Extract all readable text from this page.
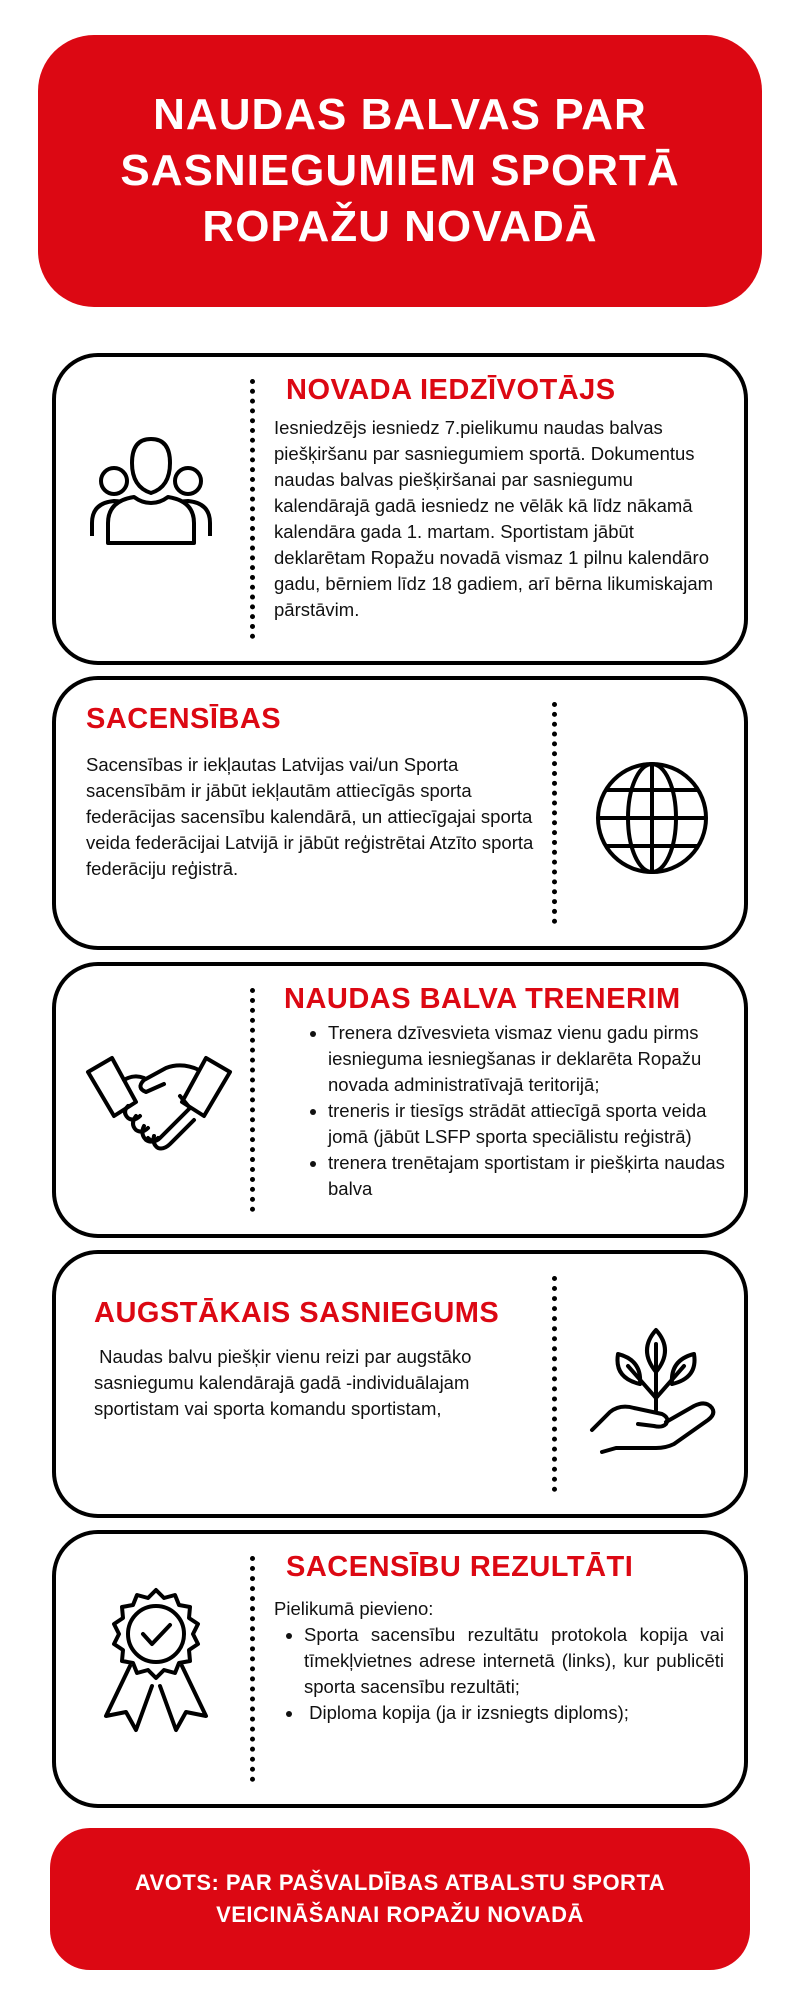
NAUDAS BALVAS PAR SASNIEGUMIEM SPORTĀ ROPAŽU NOVADĀ
NOVADA IEDZĪVOTĀJS

Iesniedzējs iesniedz 7.pielikumu naudas balvas piešķiršanu par sasniegumiem sportā. Dokumentus naudas balvas piešķiršanai par sasniegumu kalendārajā gadā iesniedz ne vēlāk kā līdz nākamā kalendāra gada 1. martam. Sportistam jābūt deklarētam Ropažu novadā vismaz 1 pilnu kalendāro gadu, bērniem līdz 18 gadiem, arī bērna likumiskajam pārstāvim.

SACENSĪBAS

Sacensības ir iekļautas Latvijas vai/un Sporta sacensībām ir jābūt iekļautām attiecīgās sporta federācijas sacensību kalendārā, un attiecīgajai sporta veida federācijai Latvijā ir jābūt reģistrētai Atzīto sporta federāciju reģistrā.

NAUDAS BALVA TRENERIM
• Trenera dzīvesvieta vismaz vienu gadu pirms iesnieguma iesniegšanas ir deklarēta Ropažu novada administratīvajā teritorijā;
• treneris ir tiesīgs strādāt attiecīgā sporta veida jomā (jābūt LSFP sporta speciālistu reģistrā)
• trenera trenētajam sportistam ir piešķirta naudas balva
AUGSTĀKAIS SASNIEGUMS

Naudas balvu piešķir vienu reizi par augstāko sasniegumu kalendārajā gadā -individuālajam sportistam vai sporta komandu sportistam,

SACENSĪBU REZULTĀTI

Pielikumā pievieno:

• Sporta sacensību rezultātu protokola kopija vai tīmekļvietnes adrese internetā (links), kur publicēti sporta sacensību rezultāti;
•  Diploma kopija (ja ir izsniegts diploms);

AVOTS: PAR PAŠVALDĪBAS ATBALSTU SPORTA VEICINĀŠANAI ROPAŽU NOVADĀ
